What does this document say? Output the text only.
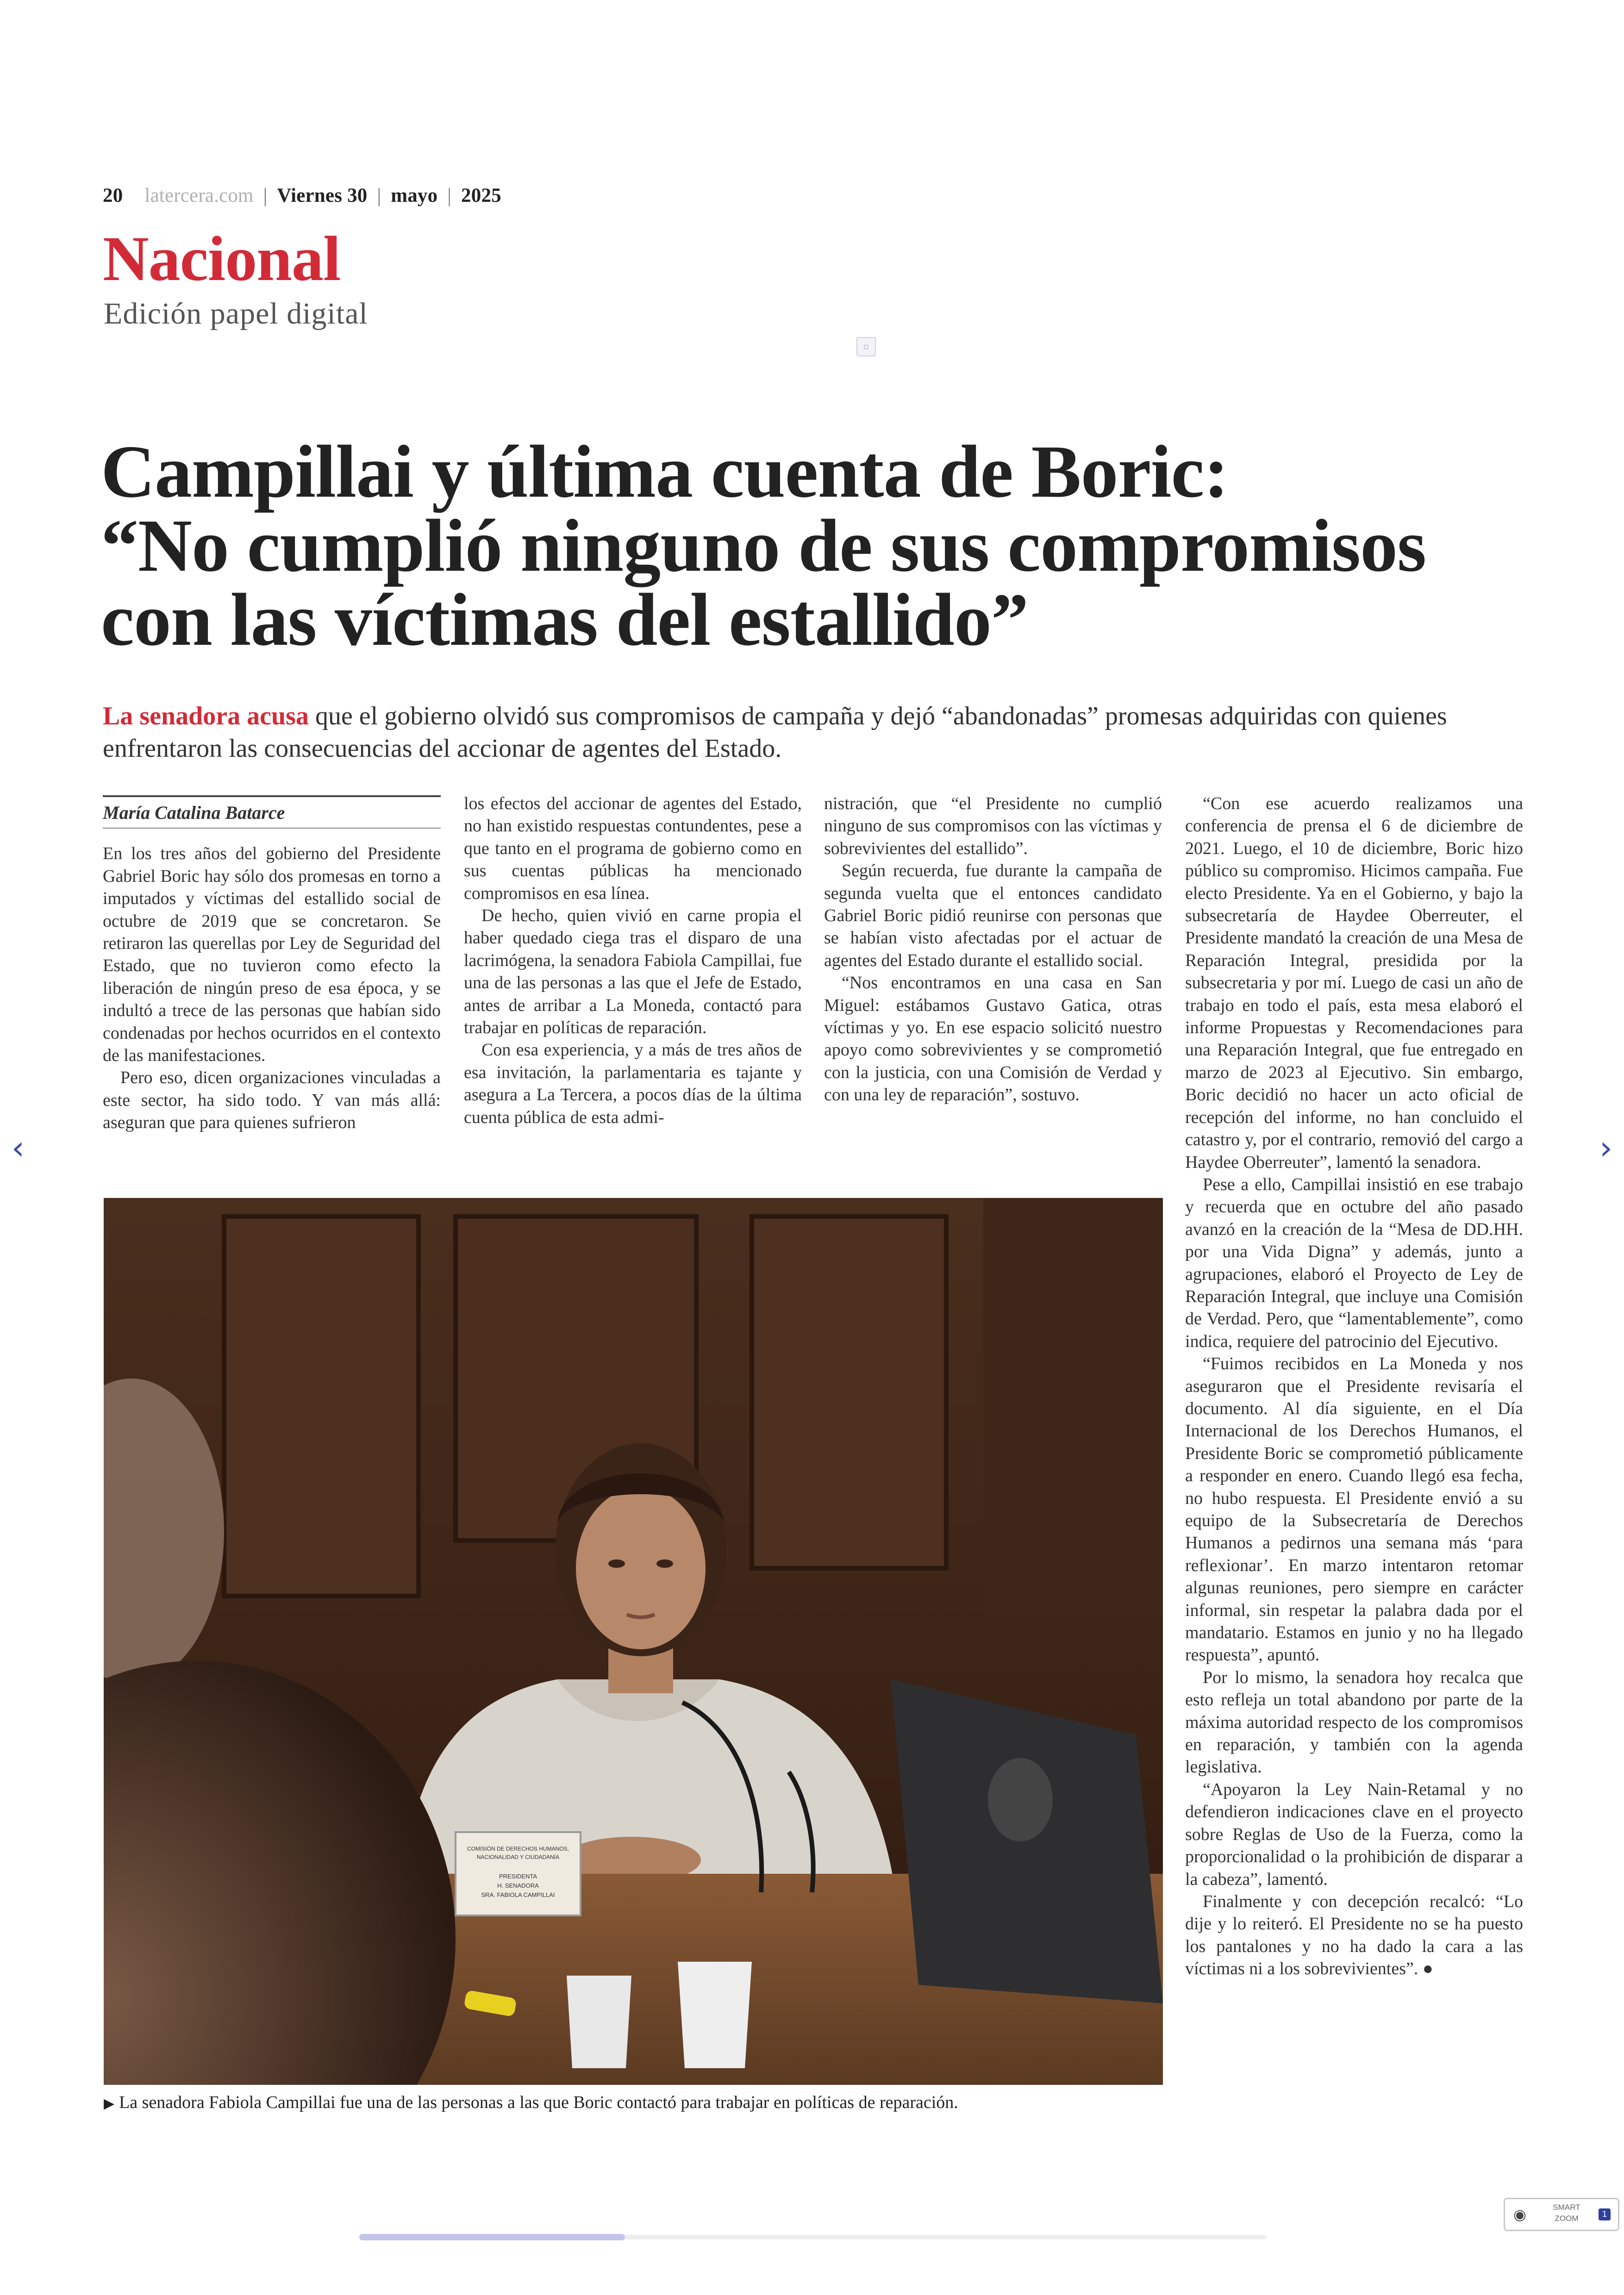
20 latercera.com | Viernes 30 | mayo | 2025
Nacional
Edición papel digital
▫
Campillai y última cuenta de Boric:
“No cumplió ninguno de sus compromisos
con las víctimas del estallido”
La senadora acusa que el gobierno olvidó sus compromisos de campaña y dejó “abandonadas” promesas adquiridas con quienes enfrentaron las consecuencias del accionar de agentes del Estado.
María Catalina Batarce

En los tres años del gobierno del Presidente Gabriel Boric hay sólo dos promesas en torno a imputados y víctimas del estallido social de octubre de 2019 que se concretaron. Se retiraron las querellas por Ley de Seguridad del Estado, que no tuvieron como efecto la liberación de ningún preso de esa época, y se indultó a trece de las personas que habían sido condenadas por hechos ocurridos en el contexto de las manifestaciones.

Pero eso, dicen organizaciones vinculadas a este sector, ha sido todo. Y van más allá: aseguran que para quienes sufrieron

los efectos del accionar de agentes del Estado, no han existido respuestas contundentes, pese a que tanto en el programa de gobierno como en sus cuentas públicas ha mencionado compromisos en esa línea.

De hecho, quien vivió en carne propia el haber quedado ciega tras el disparo de una lacrimógena, la senadora Fabiola Campillai, fue una de las personas a las que el Jefe de Estado, antes de arribar a La Moneda, contactó para trabajar en políticas de reparación.

Con esa experiencia, y a más de tres años de esa invitación, la parlamentaria es tajante y asegura a La Tercera, a pocos días de la última cuenta pública de esta admi-

nistración, que “el Presidente no cumplió ninguno de sus compromisos con las víctimas y sobrevivientes del estallido”.

Según recuerda, fue durante la campaña de segunda vuelta que el entonces candidato Gabriel Boric pidió reunirse con personas que se habían visto afectadas por el actuar de agentes del Estado durante el estallido social.

“Nos encontramos en una casa en San Miguel: estábamos Gustavo Gatica, otras víctimas y yo. En ese espacio solicitó nuestro apoyo como sobrevivientes y se comprometió con la justicia, con una Comisión de Verdad y con una ley de reparación”, sostuvo.

“Con ese acuerdo realizamos una conferencia de prensa el 6 de diciembre de 2021. Luego, el 10 de diciembre, Boric hizo público su compromiso. Hicimos campaña. Fue electo Presidente. Ya en el Gobierno, y bajo la subsecretaría de Haydee Oberreuter, el Presidente mandató la creación de una Mesa de Reparación Integral, presidida por la subsecretaria y por mí. Luego de casi un año de trabajo en todo el país, esta mesa elaboró el informe Propuestas y Recomendaciones para una Reparación Integral, que fue entregado en marzo de 2023 al Ejecutivo. Sin embargo, Boric decidió no hacer un acto oficial de recepción del informe, no han concluido el catastro y, por el contrario, removió del cargo a Haydee Oberreuter”, lamentó la senadora.

Pese a ello, Campillai insistió en ese trabajo y recuerda que en octubre del año pasado avanzó en la creación de la “Mesa de DD.HH. por una Vida Digna” y además, junto a agrupaciones, elaboró el Proyecto de Ley de Reparación Integral, que incluye una Comisión de Verdad. Pero, que “lamentablemente”, como indica, requiere del patrocinio del Ejecutivo.

“Fuimos recibidos en La Moneda y nos aseguraron que el Presidente revisaría el documento. Al día siguiente, en el Día Internacional de los Derechos Humanos, el Presidente Boric se comprometió públicamente a responder en enero. Cuando llegó esa fecha, no hubo respuesta. El Presidente envió a su equipo de la Subsecretaría de Derechos Humanos a pedirnos una semana más ‘para reflexionar’. En marzo intentaron retomar algunas reuniones, pero siempre en carácter informal, sin respetar la palabra dada por el mandatario. Estamos en junio y no ha llegado respuesta”, apuntó.

Por lo mismo, la senadora hoy recalca que esto refleja un total abandono por parte de la máxima autoridad respecto de los compromisos en reparación, y también con la agenda legislativa.

“Apoyaron la Ley Nain-Retamal y no defendieron indicaciones clave en el proyecto sobre Reglas de Uso de la Fuerza, como la proporcionalidad o la prohibición de disparar a la cabeza”, lamentó.

Finalmente y con decepción recalcó: “Lo dije y lo reiteró. El Presidente no se ha puesto los pantalones y no ha dado la cara a las víctimas ni a los sobrevivientes”. ●

COMISIÓN DE DERECHOS HUMANOS,
NACIONALIDAD Y CIUDADANÍA
PRESIDENTA
H. SENADORA
SRA. FABIOLA CAMPILLAI
▶ La senadora Fabiola Campillai fue una de las personas a las que Boric contactó para trabajar en políticas de reparación.
‹	›
◉	SMART
ZOOM	1
